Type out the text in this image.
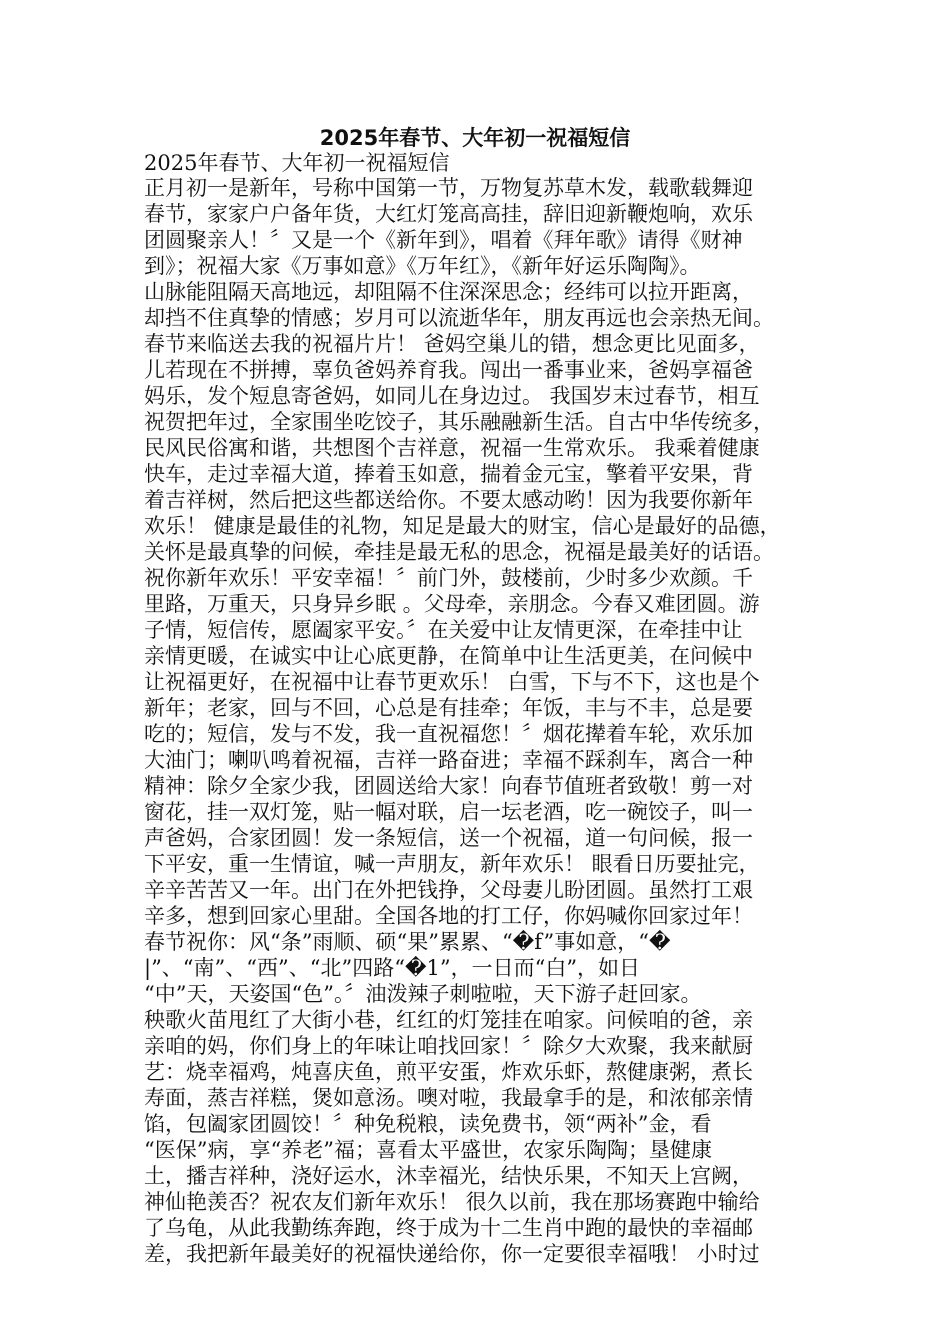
2025年春节、大年初一祝福短信

2025年春节、大年初一祝福短信

正月初一是新年，号称中国第一节，万物复苏草木发，载歌载舞迎
春节，家家户户备年货，大红灯笼高高挂，辞旧迎新鞭炮响，欢乐
团圆聚亲人！〞又是一个《新年到》，唱着《拜年歌》请得《财神
到》；祝福大家《万事如意》《万年红》，《新年好运乐陶陶》。
山脉能阻隔天高地远，却阻隔不住深深思念；经纬可以拉开距离，
却挡不住真挚的情感；岁月可以流逝华年，朋友再远也会亲热无间。
春节来临送去我的祝福片片！ 爸妈空巢儿的错，想念更比见面多，
儿若现在不拼搏，辜负爸妈养育我。闯出一番事业来，爸妈享福爸
妈乐，发个短息寄爸妈，如同儿在身边过。 我国岁末过春节，相互
祝贺把年过，全家围坐吃饺子，其乐融融新生活。自古中华传统多，
民风民俗寓和谐，共想图个吉祥意，祝福一生常欢乐。 我乘着健康
快车，走过幸福大道，捧着玉如意，揣着金元宝，擎着平安果，背
着吉祥树，然后把这些都送给你。不要太感动哟！因为我要你新年
欢乐！ 健康是最佳的礼物，知足是最大的财宝，信心是最好的品德，
关怀是最真挚的问候，牵挂是最无私的思念，祝福是最美好的话语。
祝你新年欢乐！平安幸福！〞前门外，鼓楼前，少时多少欢颜。千
里路，万重天，只身异乡眠 。父母牵，亲朋念。今春又难团圆。游
子情，短信传，愿阖家平安。〞在关爱中让友情更深，在牵挂中让
亲情更暖，在诚实中让心底更静，在简单中让生活更美，在问候中
让祝福更好，在祝福中让春节更欢乐！ 白雪，下与不下，这也是个
新年；老家，回与不回，心总是有挂牵；年饭，丰与不丰，总是要
吃的；短信，发与不发，我一直祝福您！〞烟花撵着车轮，欢乐加
大油门；喇叭鸣着祝福，吉祥一路奋进；幸福不踩刹车，离合一种
精神：除夕全家少我，团圆送给大家！向春节值班者致敬！剪一对
窗花，挂一双灯笼，贴一幅对联，启一坛老酒，吃一碗饺子，叫一
声爸妈，合家团圆！发一条短信，送一个祝福，道一句问候，报一
下平安，重一生情谊，喊一声朋友，新年欢乐！ 眼看日历要扯完，
辛辛苦苦又一年。出门在外把钱挣，父母妻儿盼团圆。虽然打工艰
辛多，想到回家心里甜。全国各地的打工仔，你妈喊你回家过年！
春节祝你：风“条”雨顺、硕“果”累累、“�f”事如意，“�
|”、“南”、“西”、“北”四路“�1”，一日而“白”，如日
“中”天，天姿国“色”。〞油泼辣子刺啦啦，天下游子赶回家。
秧歌火苗甩红了大街小巷，红红的灯笼挂在咱家。问候咱的爸，亲
亲咱的妈，你们身上的年味让咱找回家！〞除夕大欢聚，我来献厨
艺：烧幸福鸡，炖喜庆鱼，煎平安蛋，炸欢乐虾，熬健康粥，煮长
寿面，蒸吉祥糕，煲如意汤。噢对啦，我最拿手的是，和浓郁亲情
馅，包阖家团圆饺！〞种免税粮，读免费书，领“两补”金，看
“医保”病，享“养老”福；喜看太平盛世，农家乐陶陶；垦健康
土，播吉祥种，浇好运水，沐幸福光，结快乐果，不知天上宫阙，
神仙艳羡否？祝农友们新年欢乐！ 很久以前，我在那场赛跑中输给
了乌龟，从此我勤练奔跑，终于成为十二生肖中跑的最快的幸福邮
差，我把新年最美好的祝福快递给你，你一定要很幸福哦！ 小时过
